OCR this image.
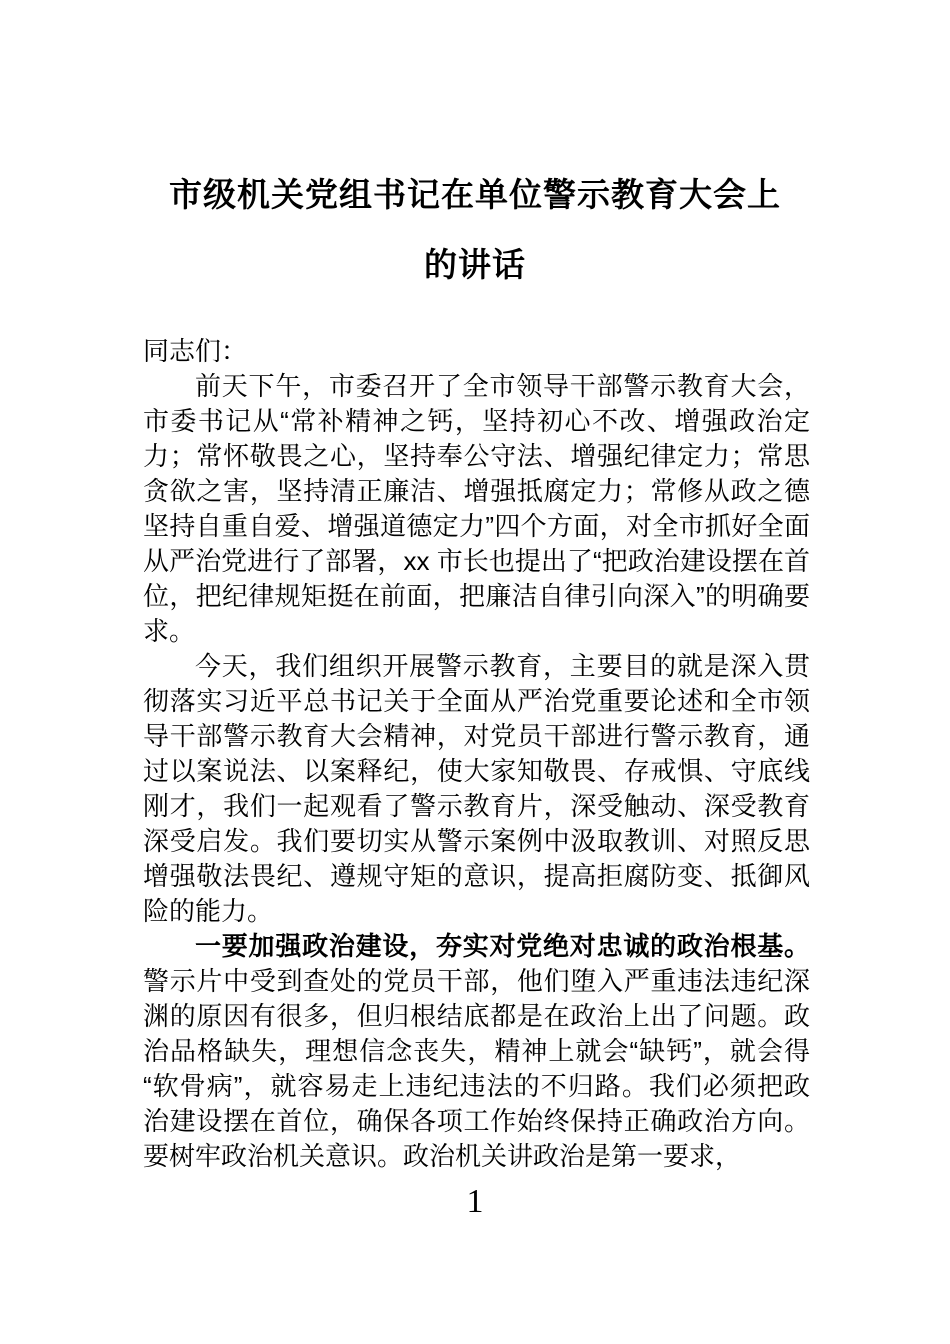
市级机关党组书记在单位警示教育大会上
的讲话

同志们：

前天下午，市委召开了全市领导干部警示教育大会，市委书记从“常补精神之钙，坚持初心不改、增强政治定力；常怀敬畏之心，坚持奉公守法、增强纪律定力；常思贪欲之害，坚持清正廉洁、增强抵腐定力；常修从政之德坚持自重自爱、增强道德定力”四个方面，对全市抓好全面从严治党进行了部署，xx 市长也提出了“把政治建设摆在首位，把纪律规矩挺在前面，把廉洁自律引向深入”的明确要求。

今天，我们组织开展警示教育，主要目的就是深入贯彻落实习近平总书记关于全面从严治党重要论述和全市领导干部警示教育大会精神，对党员干部进行警示教育，通过以案说法、以案释纪，使大家知敬畏、存戒惧、守底线刚才，我们一起观看了警示教育片，深受触动、深受教育深受启发。我们要切实从警示案例中汲取教训、对照反思增强敬法畏纪、遵规守矩的意识，提高拒腐防变、抵御风险的能力。

一要加强政治建设，夯实对党绝对忠诚的政治根基。警示片中受到查处的党员干部，他们堕入严重违法违纪深渊的原因有很多，但归根结底都是在政治上出了问题。政治品格缺失，理想信念丧失，精神上就会“缺钙”，就会得“软骨病”，就容易走上违纪违法的不归路。我们必须把政治建设摆在首位，确保各项工作始终保持正确政治方向。要树牢政治机关意识。政治机关讲政治是第一要求，

1
